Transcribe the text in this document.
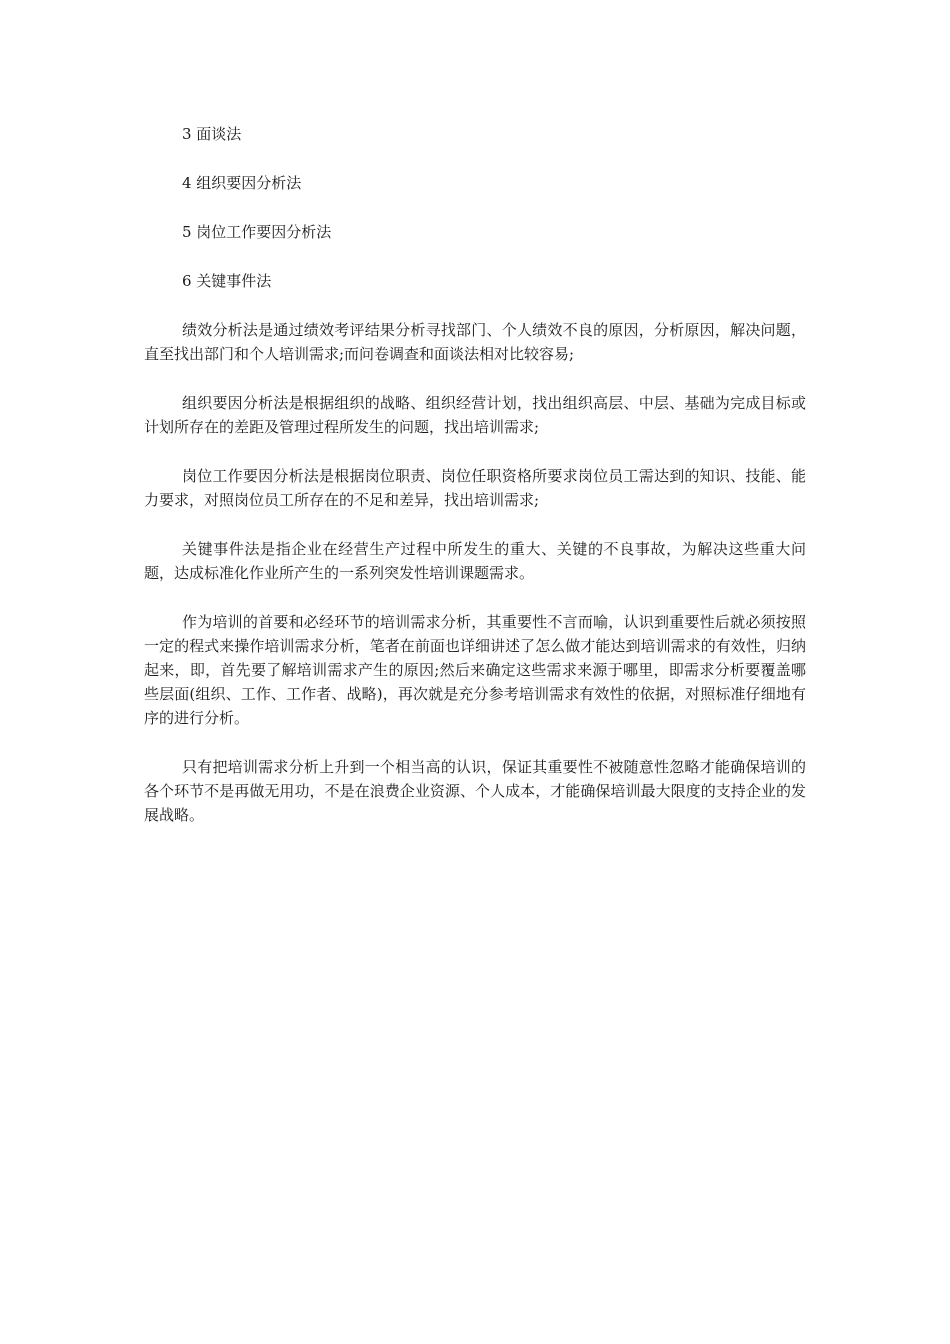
3 面谈法

4 组织要因分析法

5 岗位工作要因分析法

6 关键事件法

绩效分析法是通过绩效考评结果分析寻找部门、个人绩效不良的原因，分析原因，解决问题，直至找出部门和个人培训需求;而问卷调查和面谈法相对比较容易;

组织要因分析法是根据组织的战略、组织经营计划，找出组织高层、中层、基础为完成目标或计划所存在的差距及管理过程所发生的问题，找出培训需求;

岗位工作要因分析法是根据岗位职责、岗位任职资格所要求岗位员工需达到的知识、技能、能力要求，对照岗位员工所存在的不足和差异，找出培训需求;

关键事件法是指企业在经营生产过程中所发生的重大、关键的不良事故，为解决这些重大问题，达成标准化作业所产生的一系列突发性培训课题需求。

作为培训的首要和必经环节的培训需求分析，其重要性不言而喻，认识到重要性后就必须按照一定的程式来操作培训需求分析，笔者在前面也详细讲述了怎么做才能达到培训需求的有效性，归纳起来，即，首先要了解培训需求产生的原因;然后来确定这些需求来源于哪里，即需求分析要覆盖哪些层面(组织、工作、工作者、战略)，再次就是充分参考培训需求有效性的依据，对照标准仔细地有序的进行分析。

只有把培训需求分析上升到一个相当高的认识，保证其重要性不被随意性忽略才能确保培训的各个环节不是再做无用功，不是在浪费企业资源、个人成本，才能确保培训最大限度的支持企业的发展战略。
